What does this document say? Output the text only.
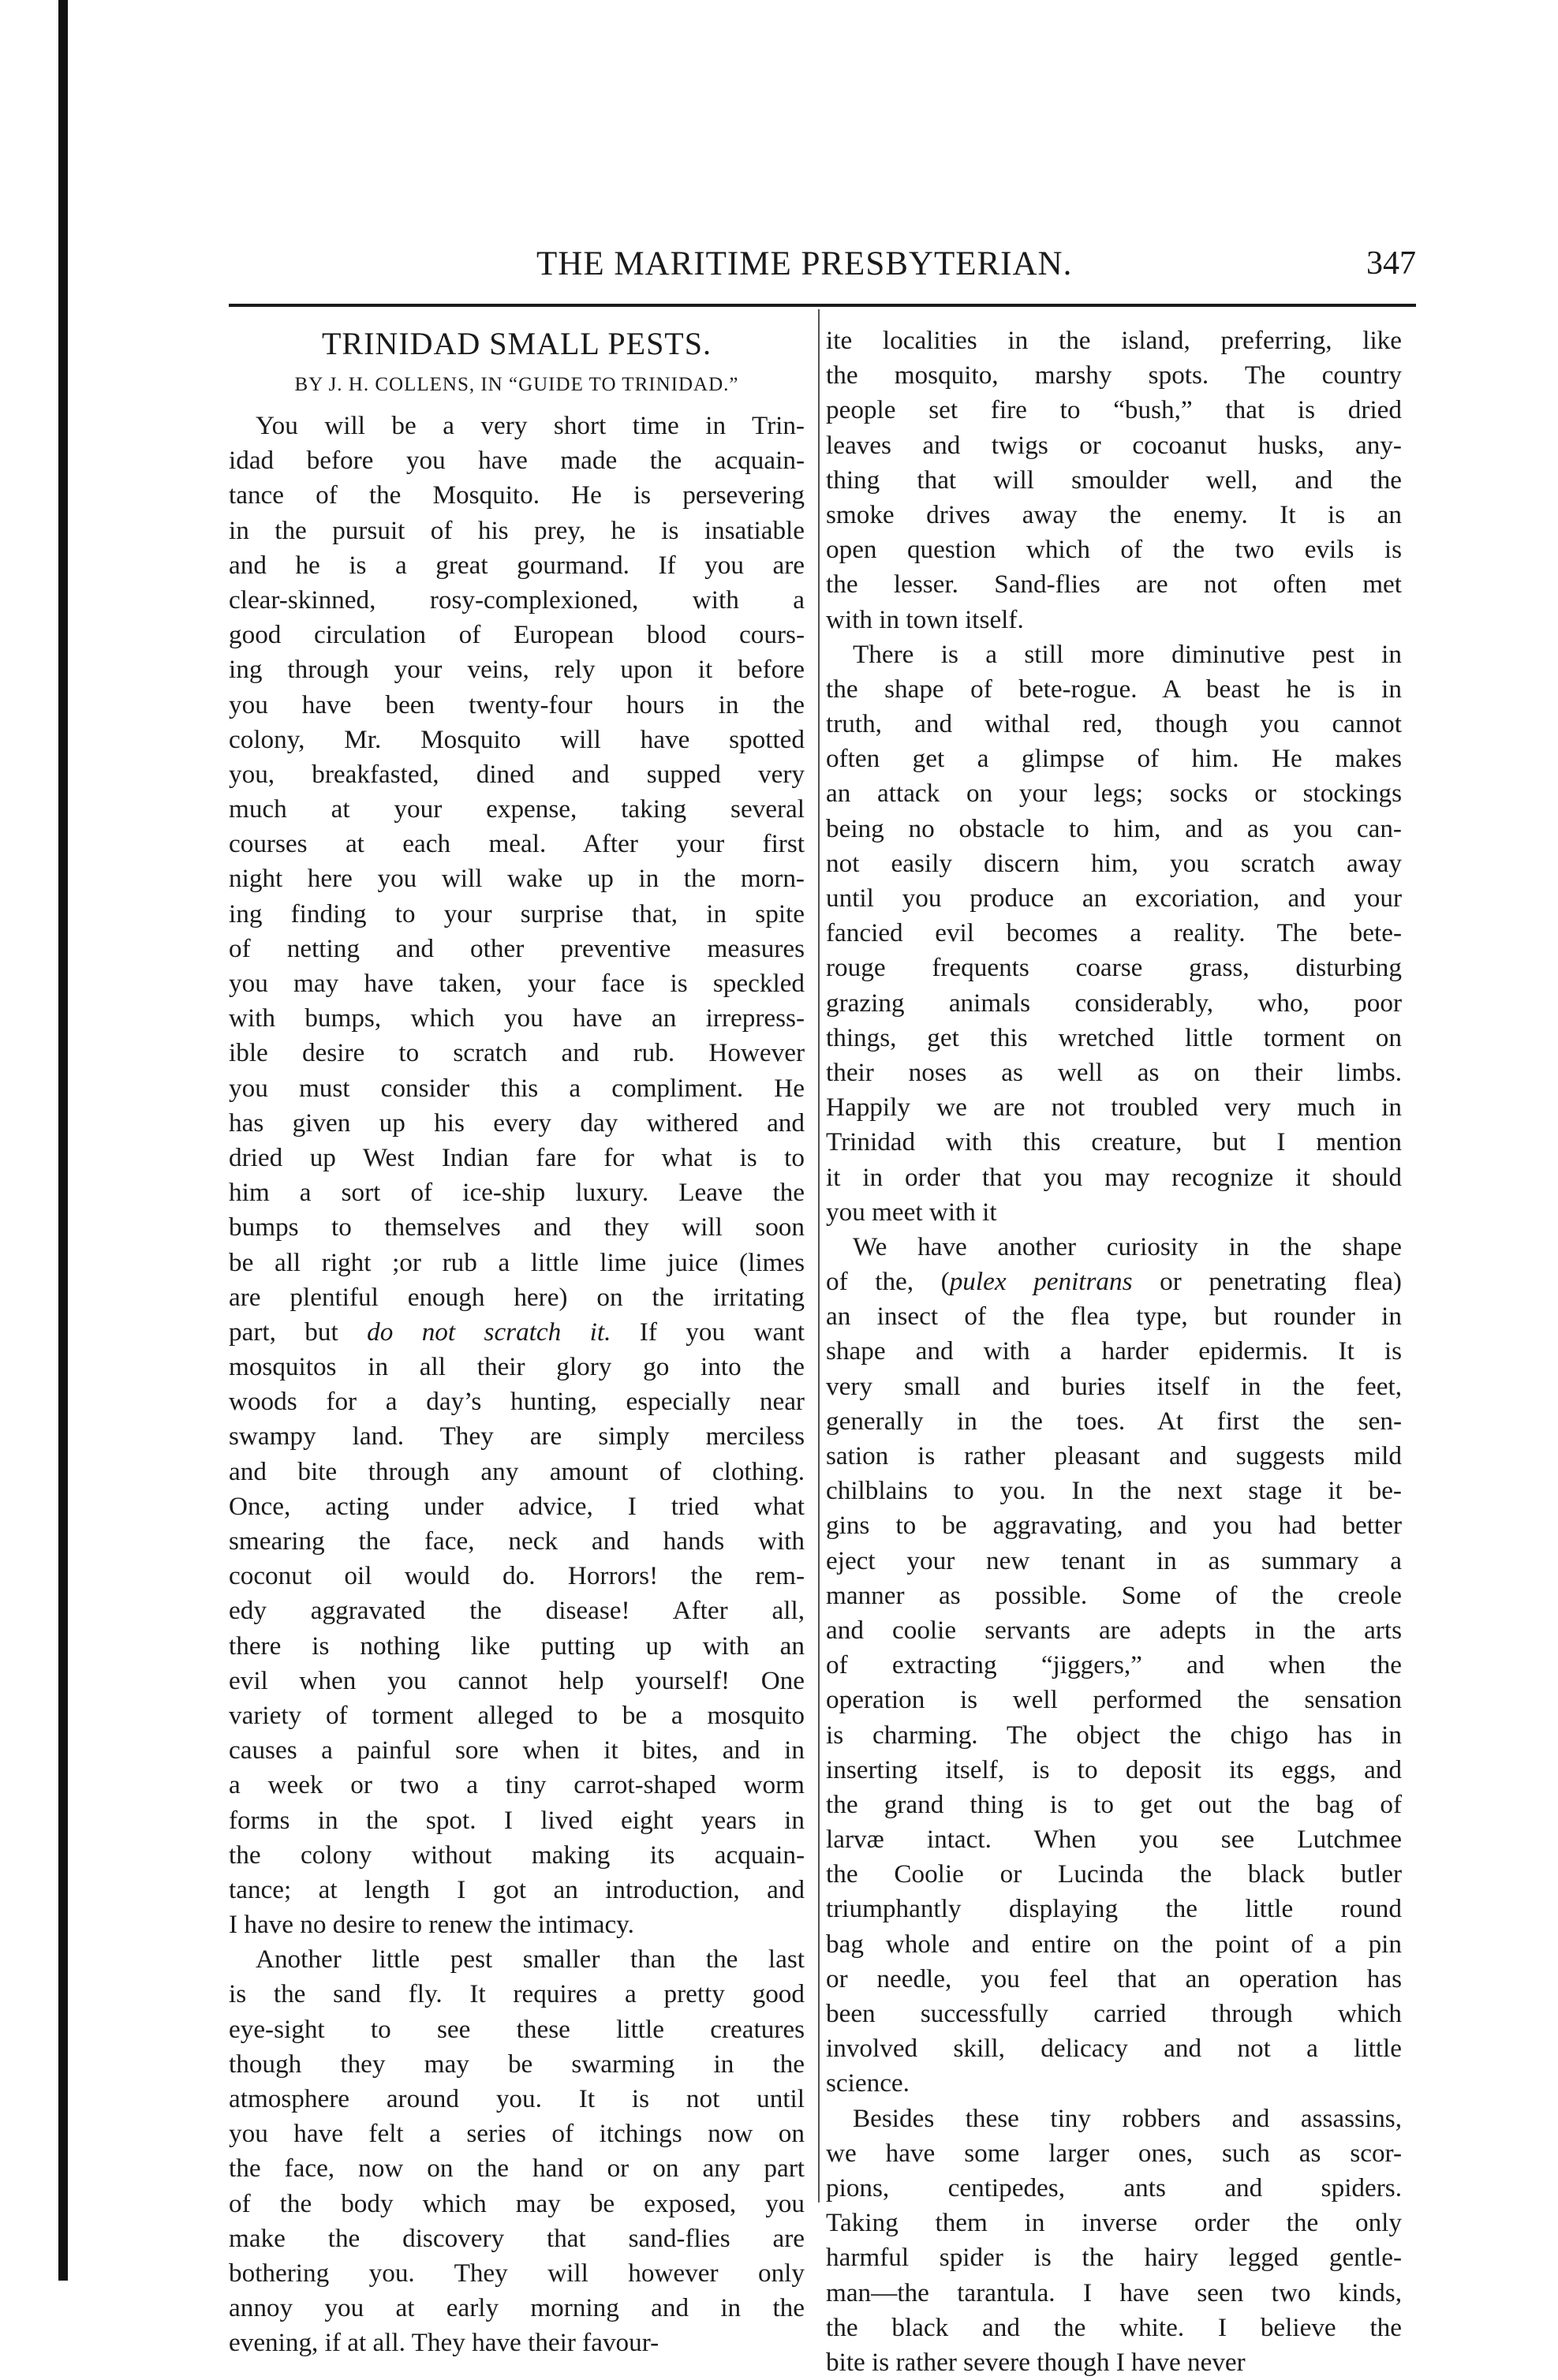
THE MARITIME PRESBYTERIAN.	347
TRINIDAD SMALL PESTS.
BY J. H. COLLENS, IN “GUIDE TO TRINIDAD.”
You will be a very short time in Trin-
idad before you have made the acquain-
tance of the Mosquito. He is persevering
in the pursuit of his prey, he is insatiable
and he is a great gourmand. If you are
clear-skinned, rosy-complexioned, with a
good circulation of European blood cours-
ing through your veins, rely upon it before
you have been twenty-four hours in the
colony, Mr. Mosquito will have spotted
you, breakfasted, dined and supped very
much at your expense, taking several
courses at each meal. After your first
night here you will wake up in the morn-
ing finding to your surprise that, in spite
of netting and other preventive measures
you may have taken, your face is speckled
with bumps, which you have an irrepress-
ible desire to scratch and rub. However
you must consider this a compliment. He
has given up his every day withered and
dried up West Indian fare for what is to
him a sort of ice-ship luxury. Leave the
bumps to themselves and they will soon
be all right ;or rub a little lime juice (limes
are plentiful enough here) on the irritating
part, but do not scratch it. If you want
mosquitos in all their glory go into the
woods for a day’s hunting, especially near
swampy land. They are simply merciless
and bite through any amount of clothing.
Once, acting under advice, I tried what
smearing the face, neck and hands with
coconut oil would do. Horrors! the rem-
edy aggravated the disease! After all,
there is nothing like putting up with an
evil when you cannot help yourself! One
variety of torment alleged to be a mosquito
causes a painful sore when it bites, and in
a week or two a tiny carrot-shaped worm
forms in the spot. I lived eight years in
the colony without making its acquain-
tance; at length I got an introduction, and
I have no desire to renew the intimacy.
Another little pest smaller than the last
is the sand fly. It requires a pretty good
eye-sight to see these little creatures
though they may be swarming in the
atmosphere around you. It is not until
you have felt a series of itchings now on
the face, now on the hand or on any part
of the body which may be exposed, you
make the discovery that sand-flies are
bothering you. They will however only
annoy you at early morning and in the
evening, if at all. They have their favour-
ite localities in the island, preferring, like
the mosquito, marshy spots. The country
people set fire to “bush,” that is dried
leaves and twigs or cocoanut husks, any-
thing that will smoulder well, and the
smoke drives away the enemy. It is an
open question which of the two evils is
the lesser. Sand-flies are not often met
with in town itself.
There is a still more diminutive pest in
the shape of bete-rogue. A beast he is in
truth, and withal red, though you cannot
often get a glimpse of him. He makes
an attack on your legs; socks or stockings
being no obstacle to him, and as you can-
not easily discern him, you scratch away
until you produce an excoriation, and your
fancied evil becomes a reality. The bete-
rouge frequents coarse grass, disturbing
grazing animals considerably, who, poor
things, get this wretched little torment on
their noses as well as on their limbs.
Happily we are not troubled very much in
Trinidad with this creature, but I mention
it in order that you may recognize it should
you meet with it
We have another curiosity in the shape
of the, (pulex penitrans or penetrating flea)
an insect of the flea type, but rounder in
shape and with a harder epidermis. It is
very small and buries itself in the feet,
generally in the toes. At first the sen-
sation is rather pleasant and suggests mild
chilblains to you. In the next stage it be-
gins to be aggravating, and you had better
eject your new tenant in as summary a
manner as possible. Some of the creole
and coolie servants are adepts in the arts
of extracting “jiggers,” and when the
operation is well performed the sensation
is charming. The object the chigo has in
inserting itself, is to deposit its eggs, and
the grand thing is to get out the bag of
larvæ intact. When you see Lutchmee
the Coolie or Lucinda the black butler
triumphantly displaying the little round
bag whole and entire on the point of a pin
or needle, you feel that an operation has
been successfully carried through which
involved skill, delicacy and not a little
science.
Besides these tiny robbers and assassins,
we have some larger ones, such as scor-
pions, centipedes, ants and spiders.
Taking them in inverse order the only
harmful spider is the hairy legged gentle-
man—the tarantula. I have seen two kinds,
the black and the white. I believe the
bite is rather severe though I have never
